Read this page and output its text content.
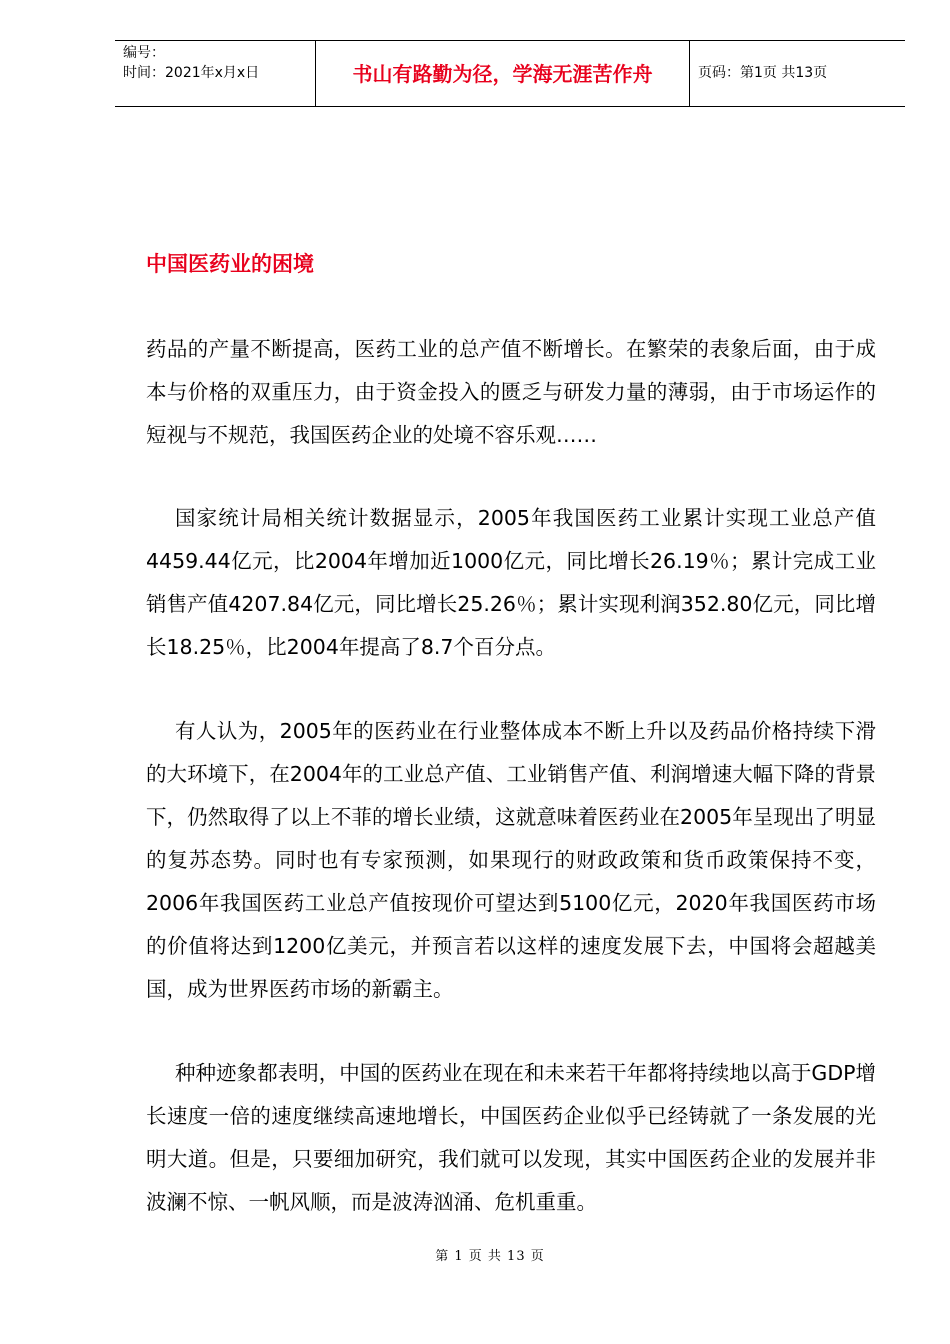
编号：
时间：2021年x月x日	书山有路勤为径，学海无涯苦作舟	页码：第1页 共13页
中国医药业的困境

药品的产量不断提高，医药工业的总产值不断增长。在繁荣的表象后面，由于成本与价格的双重压力，由于资金投入的匮乏与研发力量的薄弱，由于市场运作的短视与不规范，我国医药企业的处境不容乐观……

国家统计局相关统计数据显示，2005年我国医药工业累计实现工业总产值4459.44亿元，比2004年增加近1000亿元，同比增长26.19％；累计完成工业销售产值4207.84亿元，同比增长25.26％；累计实现利润352.80亿元，同比增长18.25％，比2004年提高了8.7个百分点。

有人认为，2005年的医药业在行业整体成本不断上升以及药品价格持续下滑的大环境下，在2004年的工业总产值、工业销售产值、利润增速大幅下降的背景下，仍然取得了以上不菲的增长业绩，这就意味着医药业在2005年呈现出了明显的复苏态势。同时也有专家预测，如果现行的财政政策和货币政策保持不变，2006年我国医药工业总产值按现价可望达到5100亿元，2020年我国医药市场的价值将达到1200亿美元，并预言若以这样的速度发展下去，中国将会超越美国，成为世界医药市场的新霸主。

种种迹象都表明，中国的医药业在现在和未来若干年都将持续地以高于GDP增长速度一倍的速度继续高速地增长，中国医药企业似乎已经铸就了一条发展的光明大道。但是，只要细加研究，我们就可以发现，其实中国医药企业的发展并非波澜不惊、一帆风顺，而是波涛汹涌、危机重重。

第 1 页 共 13 页
